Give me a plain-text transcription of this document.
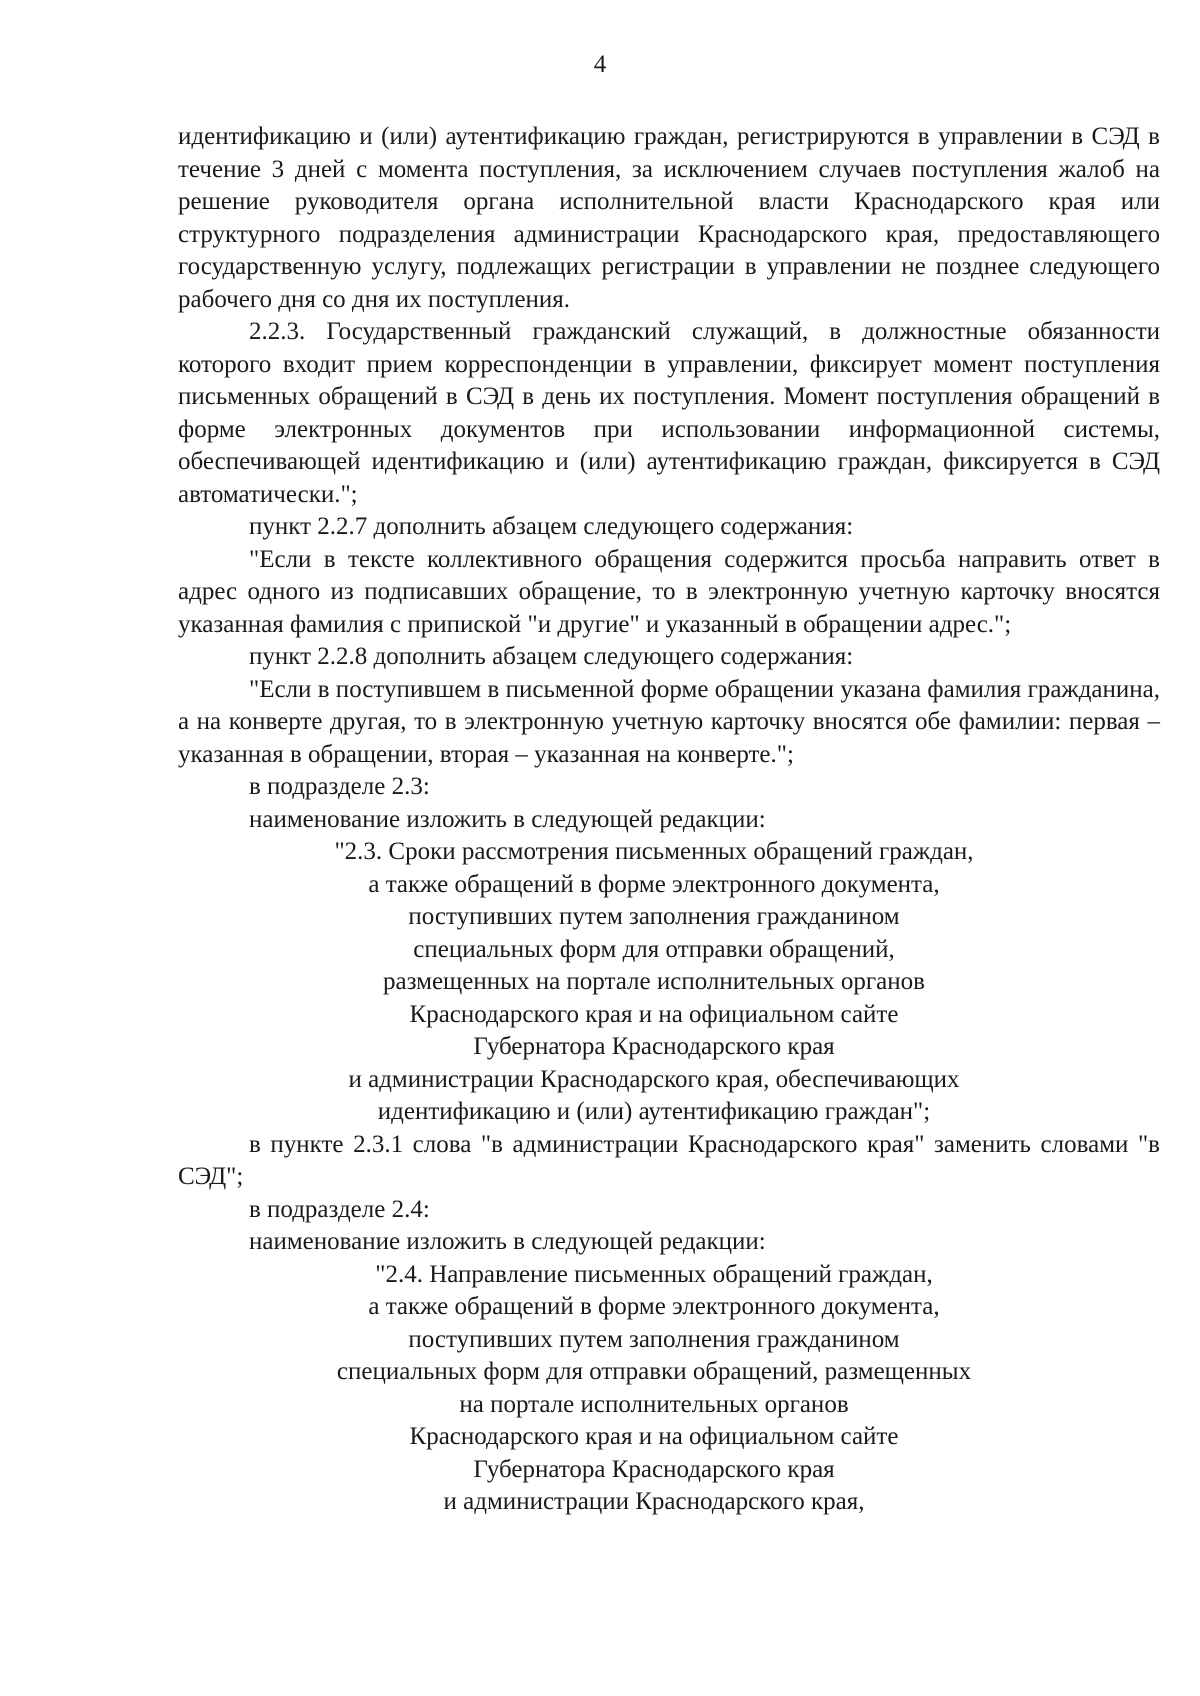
4

идентификацию и (или) аутентификацию граждан, регистрируются в управлении в СЭД в течение 3 дней с момента поступления, за исключением случаев поступления жалоб на решение руководителя органа исполнительной власти Краснодарского края или структурного подразделения администрации Краснодарского края, предоставляющего государственную услугу, подлежащих регистрации в управлении не позднее следующего рабочего дня со дня их поступления.

2.2.3. Государственный гражданский служащий, в должностные обязанности которого входит прием корреспонденции в управлении, фиксирует момент поступления письменных обращений в СЭД в день их поступления. Момент поступления обращений в форме электронных документов при использовании информационной системы, обеспечивающей идентификацию и (или) аутентификацию граждан, фиксируется в СЭД автоматически.";

пункт 2.2.7 дополнить абзацем следующего содержания:

"Если в тексте коллективного обращения содержится просьба направить ответ в адрес одного из подписавших обращение, то в электронную учетную карточку вносятся указанная фамилия с припиской "и другие" и указанный в обращении адрес.";

пункт 2.2.8 дополнить абзацем следующего содержания:

"Если в поступившем в письменной форме обращении указана фамилия гражданина, а на конверте другая, то в электронную учетную карточку вносятся обе фамилии: первая – указанная в обращении, вторая – указанная на конверте.";

в подразделе 2.3:

наименование изложить в следующей редакции:

"2.3. Сроки рассмотрения письменных обращений граждан,
а также обращений в форме электронного документа,
поступивших путем заполнения гражданином
специальных форм для отправки обращений,
размещенных на портале исполнительных органов
Краснодарского края и на официальном сайте
Губернатора Краснодарского края
и администрации Краснодарского края, обеспечивающих
идентификацию и (или) аутентификацию граждан";

в пункте 2.3.1 слова "в администрации Краснодарского края" заменить словами "в СЭД";

в подразделе 2.4:

наименование изложить в следующей редакции:

"2.4. Направление письменных обращений граждан,
а также обращений в форме электронного документа,
поступивших путем заполнения гражданином
специальных форм для отправки обращений, размещенных
на портале исполнительных органов
Краснодарского края и на официальном сайте
Губернатора Краснодарского края
и администрации Краснодарского края,
